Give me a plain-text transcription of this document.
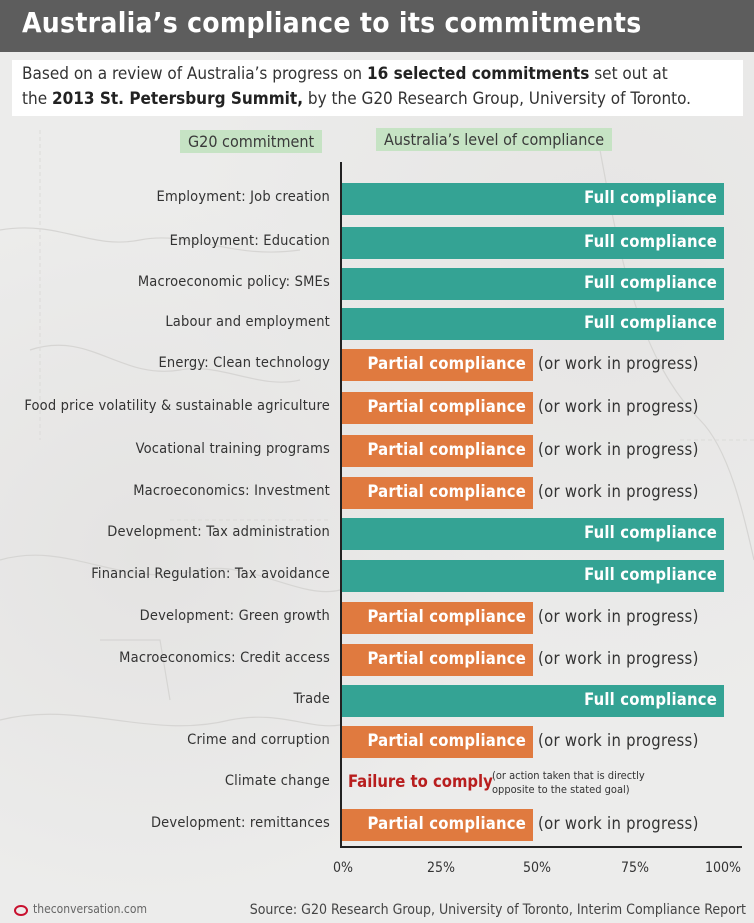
Australia’s compliance to its commitments
Based on a review of Australia’s progress on 16 selected commitments set out at
the 2013 St. Petersburg Summit, by the G20 Research Group, University of Toronto.
G20 commitment	Australia’s level of compliance
Employment: Job creation	Full compliance
Employment: Education	Full compliance
Macroeconomic policy: SMEs	Full compliance
Labour and employment	Full compliance
Energy: Clean technology Partial compliance (or work in progress)
Food price volatility & sustainable agriculture Partial compliance (or work in progress)
Vocational training programs Partial compliance (or work in progress)
Macroeconomics: Investment Partial compliance (or work in progress)
Development: Tax administration	Full compliance
Financial Regulation: Tax avoidance	Full compliance
Development: Green growth Partial compliance (or work in progress)
Macroeconomics: Credit access Partial compliance (or work in progress)
Trade	Full compliance
Crime and corruption Partial compliance (or work in progress)
Climate change Failure to comply (or action taken that is directly
opposite to the stated goal)
Development: remittances Partial compliance (or work in progress)
0%	25%	50%	75%	100%
theconversation.com	Source: G20 Research Group, University of Toronto, Interim Compliance Report
